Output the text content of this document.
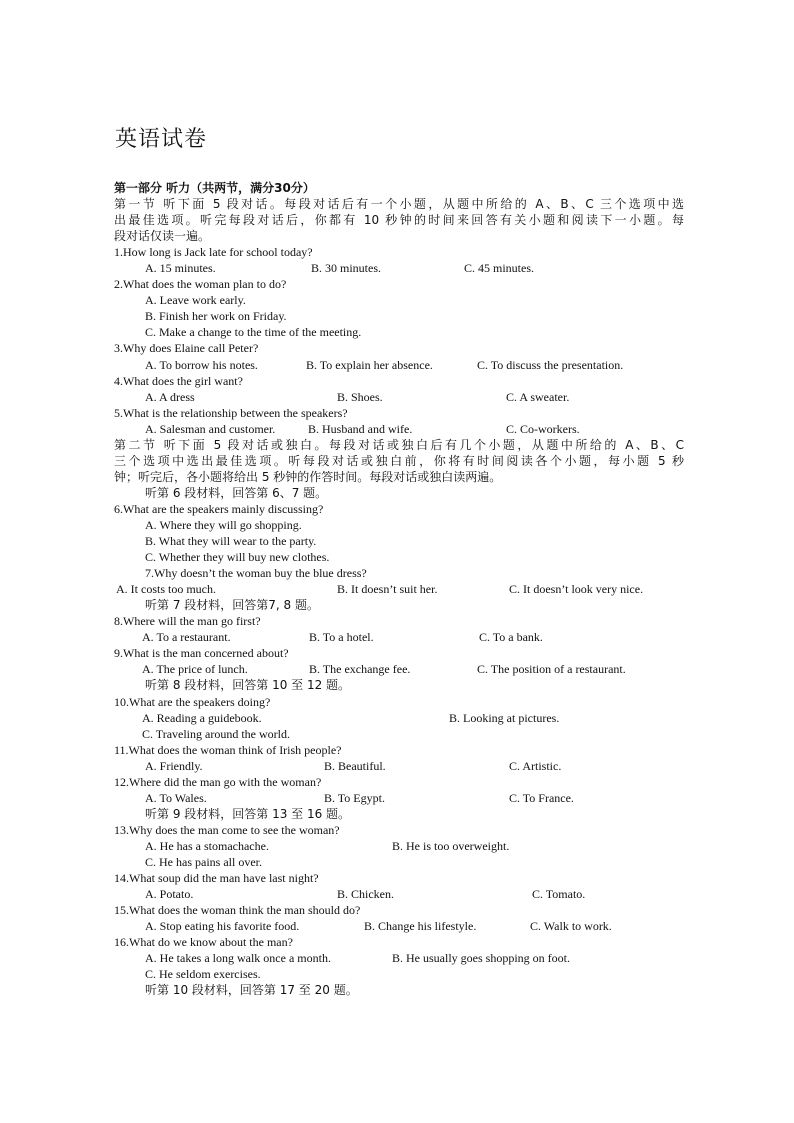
英语试卷
第一部分 听力（共两节，满分30分）
第一节 听下面 5 段对话。每段对话后有一个小题，从题中所给的 A、B、C 三个选项中选
出最佳选项。听完每段对话后，你都有 10 秒钟的时间来回答有关小题和阅读下一小题。每
段对话仅读一遍。
1.How long is Jack late for school today?
A. 15 minutes.	B. 30 minutes.	C. 45 minutes.
2.What does the woman plan to do?
A. Leave work early.
B. Finish her work on Friday.
C. Make a change to the time of the meeting.
3.Why does Elaine call Peter?
A. To borrow his notes.	B. To explain her absence.	C. To discuss the presentation.
4.What does the girl want?
A. A dress	B. Shoes.	C. A sweater.
5.What is the relationship between the speakers?
A. Salesman and customer.	B. Husband and wife.	C. Co-workers.
第二节 听下面 5 段对话或独白。每段对话或独白后有几个小题，从题中所给的 A、B、C
三个选项中选出最佳选项。听每段对话或独白前，你将有时间阅读各个小题，每小题 5 秒
钟；听完后，各小题将给出 5 秒钟的作答时间。每段对话或独白读两遍。
听第 6 段材料，回答第 6、7 题。
6.What are the speakers mainly discussing?
A. Where they will go shopping.
B. What they will wear to the party.
C. Whether they will buy new clothes.
7.Why doesn’t the woman buy the blue dress?
A. It costs too much.	B. It doesn’t suit her.	C. It doesn’t look very nice.
听第 7 段材料，回答第7, 8 题。
8.Where will the man go first?
A. To a restaurant.	B. To a hotel.	C. To a bank.
9.What is the man concerned about?
A. The price of lunch.	B. The exchange fee.	C. The position of a restaurant.
听第 8 段材料，回答第 10 至 12 题。
10.What are the speakers doing?
A. Reading a guidebook.	B. Looking at pictures.
C. Traveling around the world.
11.What does the woman think of Irish people?
A. Friendly.	B. Beautiful.	C. Artistic.
12.Where did the man go with the woman?
A. To Wales.	B. To Egypt.	C. To France.
听第 9 段材料，回答第 13 至 16 题。
13.Why does the man come to see the woman?
A. He has a stomachache.	B. He is too overweight.
C. He has pains all over.
14.What soup did the man have last night?
A. Potato.	B. Chicken.	C. Tomato.
15.What does the woman think the man should do?
A. Stop eating his favorite food.	B. Change his lifestyle.	C. Walk to work.
16.What do we know about the man?
A. He takes a long walk once a month.	B. He usually goes shopping on foot.
C. He seldom exercises.
听第 10 段材料，回答第 17 至 20 题。
